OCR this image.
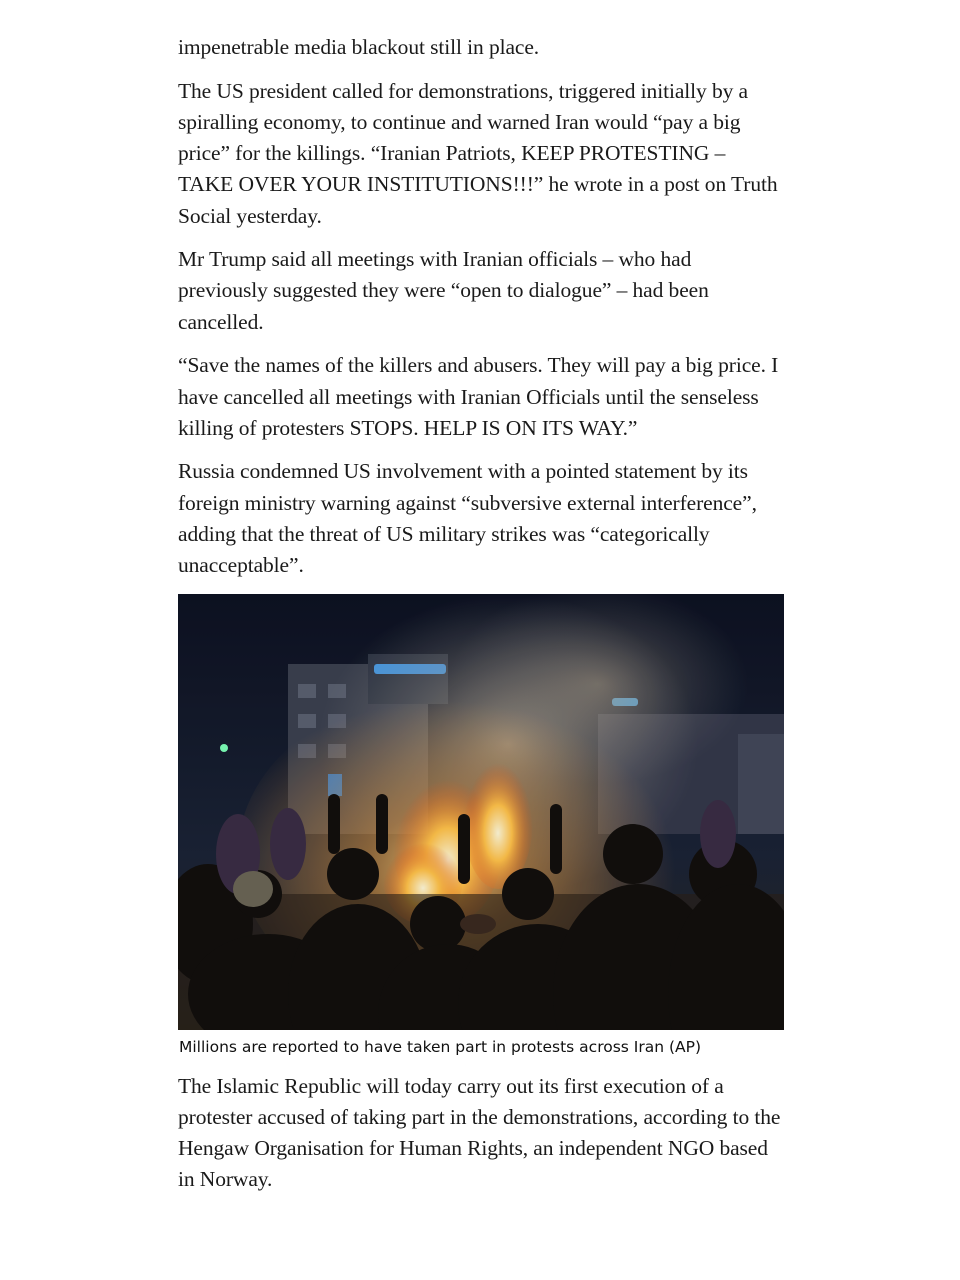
impenetrable media blackout still in place.

The US president called for demonstrations, triggered initially by a spiralling economy, to continue and warned Iran would “pay a big price” for the killings. “Iranian Patriots, KEEP PROTESTING – TAKE OVER YOUR INSTITUTIONS!!!” he wrote in a post on Truth Social yesterday.

Mr Trump said all meetings with Iranian officials – who had previously suggested they were “open to dialogue” – had been cancelled.

“Save the names of the killers and abusers. They will pay a big price. I have cancelled all meetings with Iranian Officials until the senseless killing of protesters STOPS. HELP IS ON ITS WAY.”

Russia condemned US involvement with a pointed statement by its foreign ministry warning against “subversive external interference”, adding that the threat of US military strikes was “categorically unacceptable”.

Millions are reported to have taken part in protests across Iran (AP)

The Islamic Republic will today carry out its first execution of a protester accused of taking part in the demonstrations, according to the Hengaw Organisation for Human Rights, an independent NGO based in Norway.
